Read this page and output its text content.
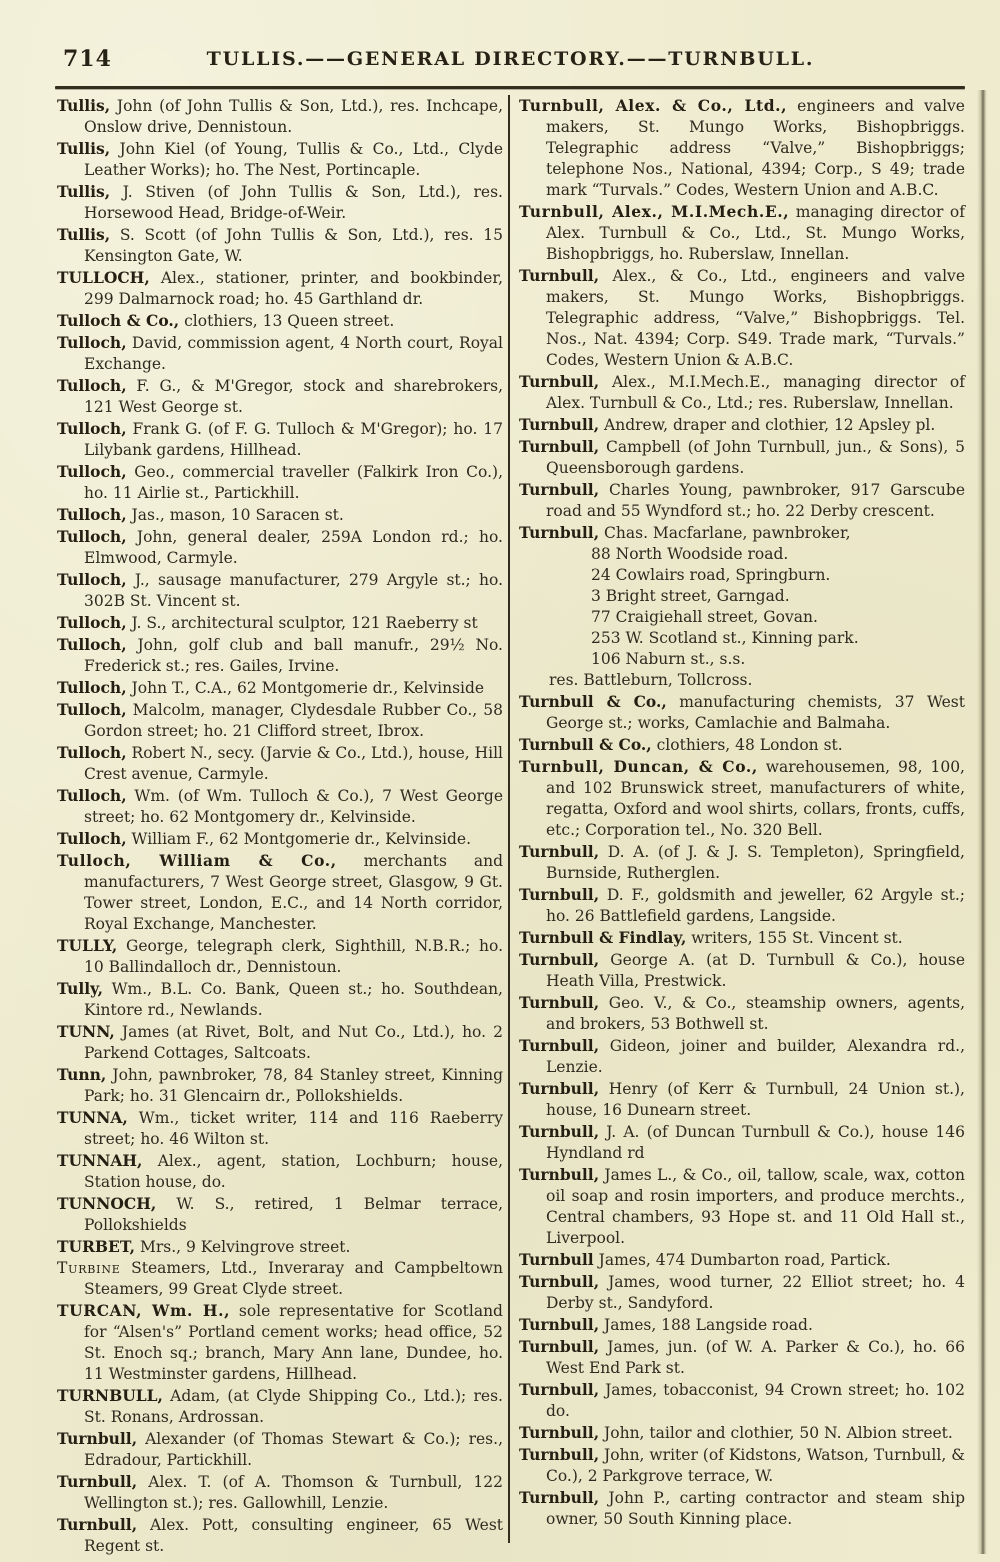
714	TULLIS.——GENERAL DIRECTORY.——TURNBULL.

Tullis, John (of John Tullis & Son, Ltd.), res. Inchcape, Onslow drive, Dennistoun.

Tullis, John Kiel (of Young, Tullis & Co., Ltd., Clyde Leather Works); ho. The Nest, Portincaple.

Tullis, J. Stiven (of John Tullis & Son, Ltd.), res. Horsewood Head, Bridge-of-Weir.

Tullis, S. Scott (of John Tullis & Son, Ltd.), res. 15 Kensington Gate, W.

TULLOCH, Alex., stationer, printer, and bookbinder, 299 Dalmarnock road; ho. 45 Garthland dr.

Tulloch & Co., clothiers, 13 Queen street.

Tulloch, David, commission agent, 4 North court, Royal Exchange.

Tulloch, F. G., & M'Gregor, stock and sharebrokers, 121 West George st.

Tulloch, Frank G. (of F. G. Tulloch & M'Gregor); ho. 17 Lilybank gardens, Hillhead.

Tulloch, Geo., commercial traveller (Falkirk Iron Co.), ho. 11 Airlie st., Partickhill.

Tulloch, Jas., mason, 10 Saracen st.

Tulloch, John, general dealer, 259A London rd.; ho. Elmwood, Carmyle.

Tulloch, J., sausage manufacturer, 279 Argyle st.; ho. 302B St. Vincent st.

Tulloch, J. S., architectural sculptor, 121 Raeberry st

Tulloch, John, golf club and ball manufr., 29½ No. Frederick st.; res. Gailes, Irvine.

Tulloch, John T., C.A., 62 Montgomerie dr., Kelvinside

Tulloch, Malcolm, manager, Clydesdale Rubber Co., 58 Gordon street; ho. 21 Clifford street, Ibrox.

Tulloch, Robert N., secy. (Jarvie & Co., Ltd.), house, Hill Crest avenue, Carmyle.

Tulloch, Wm. (of Wm. Tulloch & Co.), 7 West George street; ho. 62 Montgomery dr., Kelvinside.

Tulloch, William F., 62 Montgomerie dr., Kelvinside.

Tulloch, William & Co., merchants and manufacturers, 7 West George street, Glasgow, 9 Gt. Tower street, London, E.C., and 14 North corridor, Royal Exchange, Manchester.

TULLY, George, telegraph clerk, Sighthill, N.B.R.; ho. 10 Ballindalloch dr., Dennistoun.

Tully, Wm., B.L. Co. Bank, Queen st.; ho. Southdean, Kintore rd., Newlands.

TUNN, James (at Rivet, Bolt, and Nut Co., Ltd.), ho. 2 Parkend Cottages, Saltcoats.

Tunn, John, pawnbroker, 78, 84 Stanley street, Kinning Park; ho. 31 Glencairn dr., Pollokshields.

TUNNA, Wm., ticket writer, 114 and 116 Raeberry street; ho. 46 Wilton st.

TUNNAH, Alex., agent, station, Lochburn; house, Station house, do.

TUNNOCH, W. S., retired, 1 Belmar terrace, Pollokshields

TURBET, Mrs., 9 Kelvingrove street.

Turbine Steamers, Ltd., Inveraray and Campbeltown Steamers, 99 Great Clyde street.

TURCAN, Wm. H., sole representative for Scotland for “Alsen's” Portland cement works; head office, 52 St. Enoch sq.; branch, Mary Ann lane, Dundee, ho. 11 Westminster gardens, Hillhead.

TURNBULL, Adam, (at Clyde Shipping Co., Ltd.); res. St. Ronans, Ardrossan.

Turnbull, Alexander (of Thomas Stewart & Co.); res., Edradour, Partickhill.

Turnbull, Alex. T. (of A. Thomson & Turnbull, 122 Wellington st.); res. Gallowhill, Lenzie.

Turnbull, Alex. Pott, consulting engineer, 65 West Regent st.

Turnbull, Alex. & Co., Ltd., engineers and valve makers, St. Mungo Works, Bishopbriggs. Telegraphic address “Valve,” Bishopbriggs; telephone Nos., National, 4394; Corp., S 49; trade mark “Turvals.” Codes, Western Union and A.B.C.

Turnbull, Alex., M.I.Mech.E., managing director of Alex. Turnbull & Co., Ltd., St. Mungo Works, Bishopbriggs, ho. Ruberslaw, Innellan.

Turnbull, Alex., & Co., Ltd., engineers and valve makers, St. Mungo Works, Bishopbriggs. Telegraphic address, “Valve,” Bishopbriggs. Tel. Nos., Nat. 4394; Corp. S49. Trade mark, “Turvals.” Codes, Western Union & A.B.C.

Turnbull, Alex., M.I.Mech.E., managing director of Alex. Turnbull & Co., Ltd.; res. Ruberslaw, Innellan.

Turnbull, Andrew, draper and clothier, 12 Apsley pl.

Turnbull, Campbell (of John Turnbull, jun., & Sons), 5 Queensborough gardens.

Turnbull, Charles Young, pawnbroker, 917 Garscube road and 55 Wyndford st.; ho. 22 Derby crescent.

Turnbull, Chas. Macfarlane, pawnbroker,

88 North Woodside road.

24 Cowlairs road, Springburn.

3 Bright street, Garngad.

77 Craigiehall street, Govan.

253 W. Scotland st., Kinning park.

106 Naburn st., s.s.

res. Battleburn, Tollcross.

Turnbull & Co., manufacturing chemists, 37 West George st.; works, Camlachie and Balmaha.

Turnbull & Co., clothiers, 48 London st.

Turnbull, Duncan, & Co., warehousemen, 98, 100, and 102 Brunswick street, manufacturers of white, regatta, Oxford and wool shirts, collars, fronts, cuffs, etc.; Corporation tel., No. 320 Bell.

Turnbull, D. A. (of J. & J. S. Templeton), Springfield, Burnside, Rutherglen.

Turnbull, D. F., goldsmith and jeweller, 62 Argyle st.; ho. 26 Battlefield gardens, Langside.

Turnbull & Findlay, writers, 155 St. Vincent st.

Turnbull, George A. (at D. Turnbull & Co.), house Heath Villa, Prestwick.

Turnbull, Geo. V., & Co., steamship owners, agents, and brokers, 53 Bothwell st.

Turnbull, Gideon, joiner and builder, Alexandra rd., Lenzie.

Turnbull, Henry (of Kerr & Turnbull, 24 Union st.), house, 16 Dunearn street.

Turnbull, J. A. (of Duncan Turnbull & Co.), house 146 Hyndland rd

Turnbull, James L., & Co., oil, tallow, scale, wax, cotton oil soap and rosin importers, and produce merchts., Central chambers, 93 Hope st. and 11 Old Hall st., Liverpool.

Turnbull James, 474 Dumbarton road, Partick.

Turnbull, James, wood turner, 22 Elliot street; ho. 4 Derby st., Sandyford.

Turnbull, James, 188 Langside road.

Turnbull, James, jun. (of W. A. Parker & Co.), ho. 66 West End Park st.

Turnbull, James, tobacconist, 94 Crown street; ho. 102 do.

Turnbull, John, tailor and clothier, 50 N. Albion street.

Turnbull, John, writer (of Kidstons, Watson, Turnbull, & Co.), 2 Parkgrove terrace, W.

Turnbull, John P., carting contractor and steam ship owner, 50 South Kinning place.
